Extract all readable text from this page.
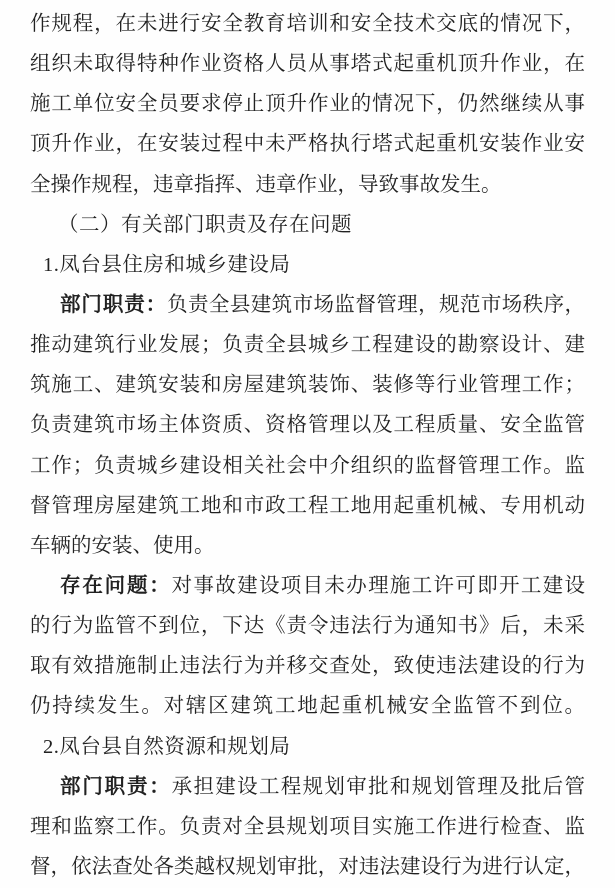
作规程，在未进行安全教育培训和安全技术交底的情况下，
组织未取得特种作业资格人员从事塔式起重机顶升作业，在
施工单位安全员要求停止顶升作业的情况下，仍然继续从事
顶升作业，在安装过程中未严格执行塔式起重机安装作业安
全操作规程，违章指挥、违章作业，导致事故发生。
（二）有关部门职责及存在问题
1.凤台县住房和城乡建设局
部门职责：负责全县建筑市场监督管理，规范市场秩序，
推动建筑行业发展；负责全县城乡工程建设的勘察设计、建
筑施工、建筑安装和房屋建筑装饰、装修等行业管理工作；
负责建筑市场主体资质、资格管理以及工程质量、安全监管
工作；负责城乡建设相关社会中介组织的监督管理工作。监
督管理房屋建筑工地和市政工程工地用起重机械、专用机动
车辆的安装、使用。
存在问题：对事故建设项目未办理施工许可即开工建设
的行为监管不到位，下达《责令违法行为通知书》后，未采
取有效措施制止违法行为并移交查处，致使违法建设的行为
仍持续发生。对辖区建筑工地起重机械安全监管不到位。
2.凤台县自然资源和规划局
部门职责：承担建设工程规划审批和规划管理及批后管
理和监察工作。负责对全县规划项目实施工作进行检查、监
督，依法查处各类越权规划审批，对违法建设行为进行认定，
